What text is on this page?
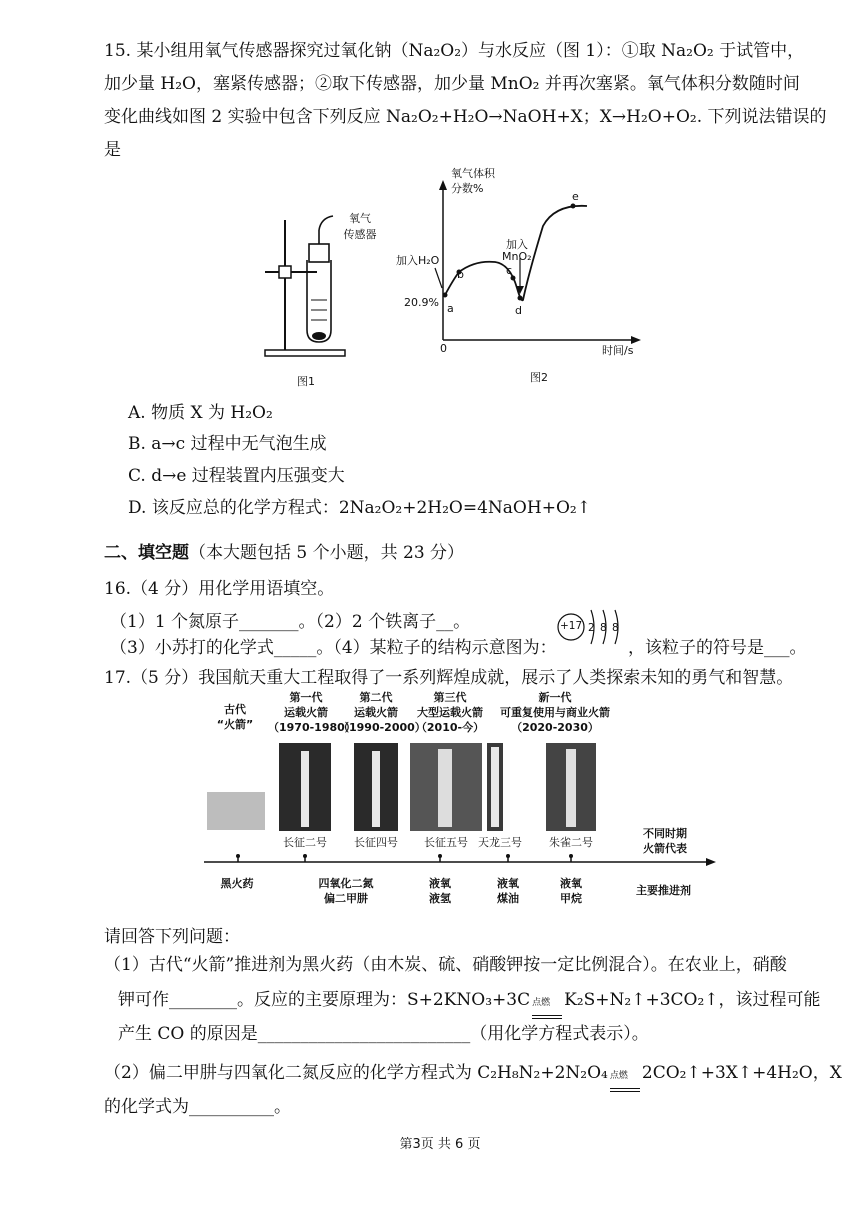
15. 某小组用氧气传感器探究过氧化钠（Na₂O₂）与水反应（图 1）：①取 Na₂O₂ 于试管中，
加少量 H₂O，塞紧传感器；②取下传感器，加少量 MnO₂ 并再次塞紧。氧气体积分数随时间
变化曲线如图 2 实验中包含下列反应 Na₂O₂+H₂O→NaOH+X；X→H₂O+O₂. 下列说法错误的
是
氧气
传感器
图1
氧气体积
分数%
时间/s
0
20.9%
加入H₂O
加入
MnO₂
a
b	c
d
e
图2
A. 物质 X 为 H₂O₂
B. a→c 过程中无气泡生成
C. d→e 过程装置内压强变大
D. 该反应总的化学方程式：2Na₂O₂+2H₂O=4NaOH+O₂↑
二、填空题（本大题包括 5 个小题，共 23 分）
16.（4 分）用化学用语填空。
（1）1 个氮原子_______。（2）2 个铁离子__。
（3）小苏打的化学式_____。（4）某粒子的结构示意图为：
+17 2 8 8
，该粒子的符号是___。
17.（5 分）我国航天重大工程取得了一系列辉煌成就，展示了人类探索未知的勇气和智慧。
古代
“火箭”
第一代
运载火箭
（1970-1980）
第二代
运载火箭
（1990-2000）
第三代
大型运载火箭
（2010-今）
新一代
可重复使用与商业火箭
（2020-2030）
长征二号	长征四号	长征五号 天龙三号	朱雀二号
不同时期
火箭代表
黑火药	四氧化二氮
偏二甲肼
液氧
液氢
液氧
煤油
液氧
甲烷
主要推进剂
请回答下列问题：
（1）古代“火箭”推进剂为黑火药（由木炭、硫、硝酸钾按一定比例混合）。在农业上，硝酸
钾可作________。反应的主要原理为：S+2KNO₃+3C 点燃 K₂S+N₂↑+3CO₂↑，该过程可能
产生 CO 的原因是_________________________（用化学方程式表示）。
（2）偏二甲肼与四氧化二氮反应的化学方程式为 C₂H₈N₂+2N₂O₄ 点燃 2CO₂↑+3X↑+4H₂O，X
的化学式为__________。
第3页 共 6 页
